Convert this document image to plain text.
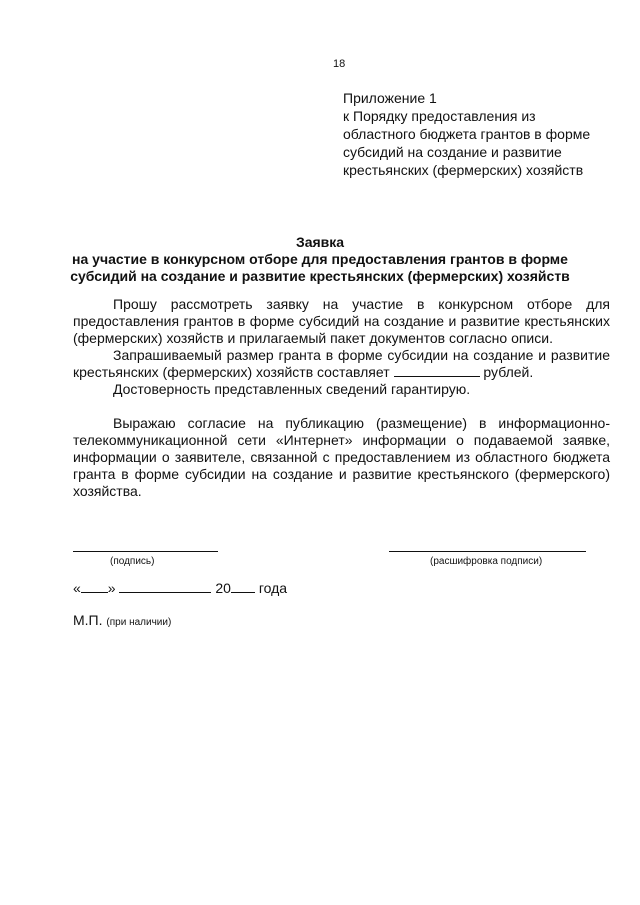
18
Приложение 1
к Порядку предоставления из
областного бюджета грантов в форме
субсидий на создание и развитие
крестьянских (фермерских) хозяйств
Заявка
на участие в конкурсном отборе для предоставления грантов в форме
субсидий на создание и развитие крестьянских (фермерских) хозяйств

Прошу рассмотреть заявку на участие в конкурсном отборе для предоставления грантов в форме субсидий на создание и развитие крестьянских (фермерских) хозяйств и прилагаемый пакет документов согласно описи.

Запрашиваемый размер гранта в форме субсидии на создание и развитие крестьянских (фермерских) хозяйств составляет	рублей.

Достоверность представленных сведений гарантирую.

Выражаю согласие на публикацию (размещение) в информационно-телекоммуникационной сети «Интернет» информации о подаваемой заявке, информации о заявителе, связанной с предоставлением из областного бюджета гранта в форме субсидии на создание и развитие крестьянского (фермерского) хозяйства.

(подпись)	(расшифровка подписи)
« »	20 года
М.П. (при наличии)
